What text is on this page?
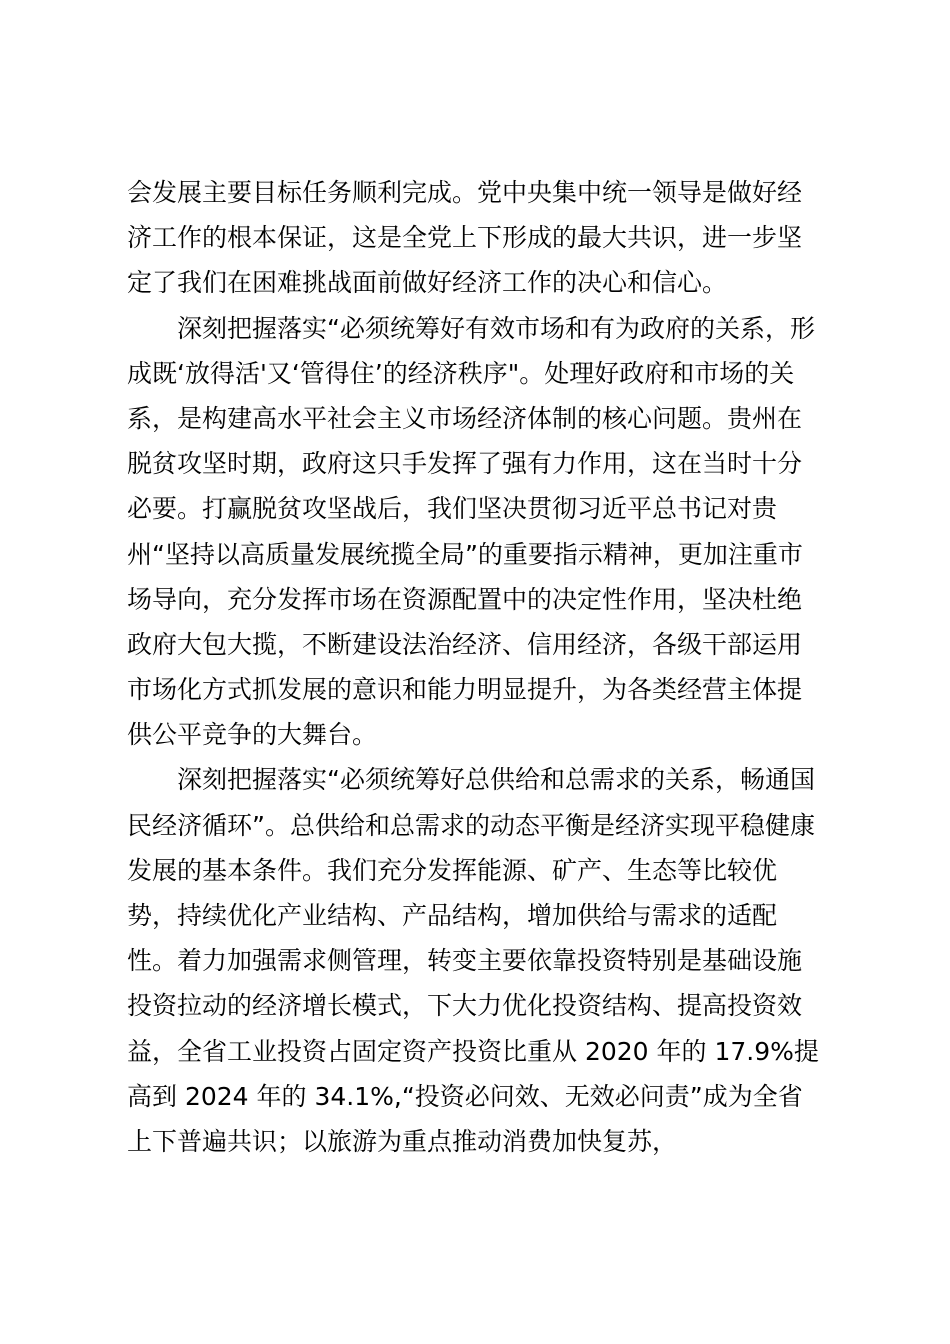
会发展主要目标任务顺利完成。党中央集中统一领导是做好经
济工作的根本保证，这是全党上下形成的最大共识，进一步坚
定了我们在困难挑战面前做好经济工作的决心和信心。
深刻把握落实“必须统筹好有效市场和有为政府的关系，形
成既‘放得活'又‘管得住’的经济秩序"。处理好政府和市场的关
系，是构建高水平社会主义市场经济体制的核心问题。贵州在
脱贫攻坚时期，政府这只手发挥了强有力作用，这在当时十分
必要。打赢脱贫攻坚战后，我们坚决贯彻习近平总书记对贵
州“坚持以高质量发展统揽全局”的重要指示精神，更加注重市
场导向，充分发挥市场在资源配置中的决定性作用，坚决杜绝
政府大包大揽，不断建设法治经济、信用经济，各级干部运用
市场化方式抓发展的意识和能力明显提升，为各类经营主体提
供公平竞争的大舞台。
深刻把握落实“必须统筹好总供给和总需求的关系，畅通国
民经济循环”。总供给和总需求的动态平衡是经济实现平稳健康
发展的基本条件。我们充分发挥能源、矿产、生态等比较优
势，持续优化产业结构、产品结构，增加供给与需求的适配
性。着力加强需求侧管理，转变主要依靠投资特别是基础设施
投资拉动的经济增长模式，下大力优化投资结构、提高投资效
益，全省工业投资占固定资产投资比重从 2020 年的 17.9%提
高到 2024 年的 34.1%,“投资必问效、无效必问责”成为全省
上下普遍共识；以旅游为重点推动消费加快复苏，
